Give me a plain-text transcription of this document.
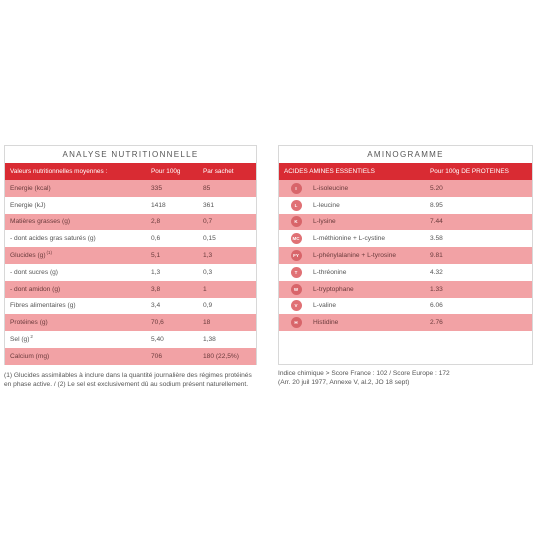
ANALYSE NUTRITIONNELLE
Valeurs nutritionnelles moyennes :	Pour 100g	Par sachet
Energie (kcal)	335	85
Energie (kJ)	1418	361
Matières grasses (g)	2,8	0,7
- dont acides gras saturés (g)	0,6	0,15
Glucides $(g)^{(1)}$	5,1	1,3
- dont sucres (g)	1,3	0,3
- dont amidon (g)	3,8	1
Fibres alimentaires (g)	3,4	0,9
Protéines (g)	70,6	18
Sel $(g)^2$	5,40	1,38
Calcium (mg)	706	180 (22,5%)
(1) Glucides assimilables à inclure dans la quantité journalière des régimes protéinés en phase active. / (2) Le sel est exclusivement dû au sodium présent naturellement.
AMINOGRAMME
ACIDES AMINES ESSENTIELS	Pour 100g DE PROTEINES
I	L-isoleucine	5.20
L	L-leucine	8.95
K	L-lysine	7.44
MC	L-méthionine + L-cystine	3.58
FY	L-phénylalanine + L-tyrosine	9.81
T	L-thréonine	4.32
W	L-tryptophane	1.33
V	L-valine	6.06
H	Histidine	2.76
Indice chimique > Score France : 102 / Score Europe : 172
(Arr. 20 juil 1977, Annexe V, al.2, JO 18 sept)
